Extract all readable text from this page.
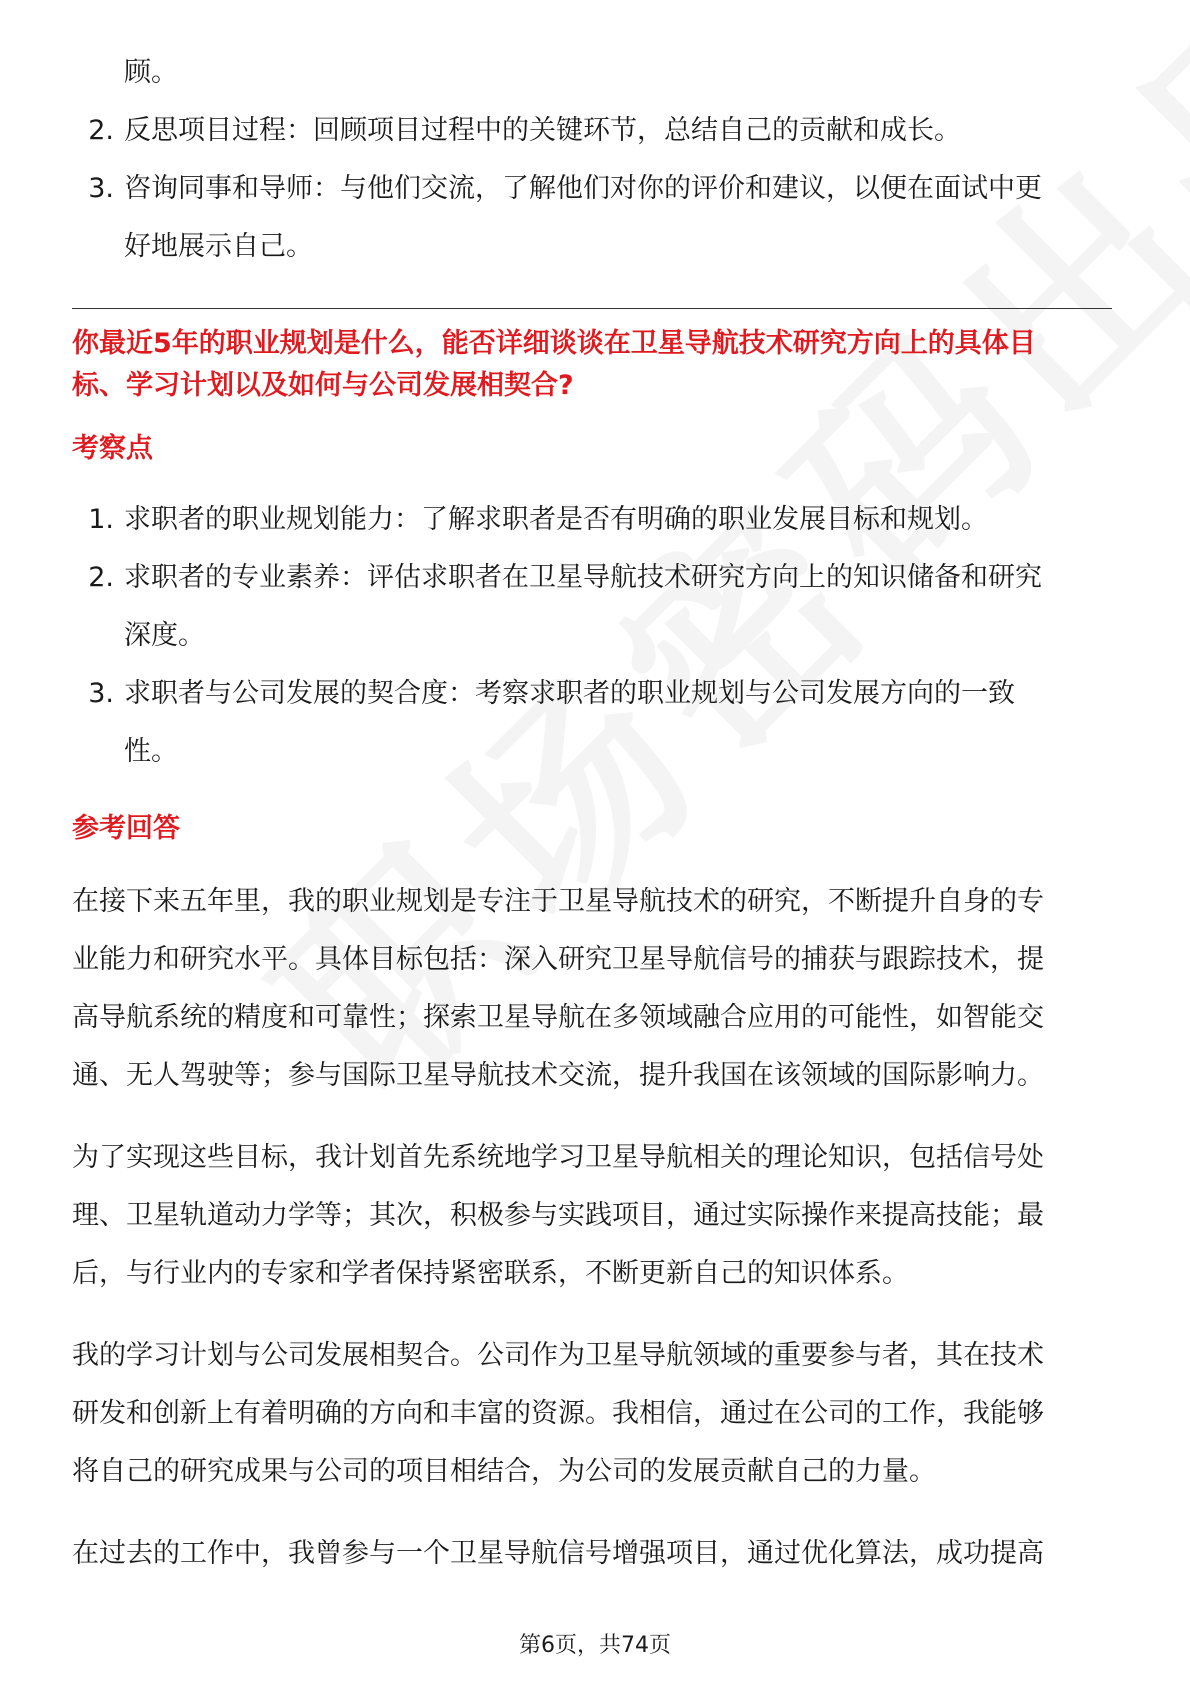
顾。
2. 反思项目过程：回顾项目过程中的关键环节，总结自己的贡献和成长。
3. 咨询同事和导师：与他们交流，了解他们对你的评价和建议，以便在面试中更
好地展示自己。
你最近5年的职业规划是什么，能否详细谈谈在卫星导航技术研究方向上的具体目
标、学习计划以及如何与公司发展相契合?
考察点
1. 求职者的职业规划能力：了解求职者是否有明确的职业发展目标和规划。
2. 求职者的专业素养：评估求职者在卫星导航技术研究方向上的知识储备和研究
深度。
3. 求职者与公司发展的契合度：考察求职者的职业规划与公司发展方向的一致
性。
参考回答
在接下来五年里，我的职业规划是专注于卫星导航技术的研究，不断提升自身的专
业能力和研究水平。具体目标包括：深入研究卫星导航信号的捕获与跟踪技术，提
高导航系统的精度和可靠性；探索卫星导航在多领域融合应用的可能性，如智能交
通、无人驾驶等；参与国际卫星导航技术交流，提升我国在该领域的国际影响力。
为了实现这些目标，我计划首先系统地学习卫星导航相关的理论知识，包括信号处
理、卫星轨道动力学等；其次，积极参与实践项目，通过实际操作来提高技能；最
后，与行业内的专家和学者保持紧密联系，不断更新自己的知识体系。
我的学习计划与公司发展相契合。公司作为卫星导航领域的重要参与者，其在技术
研发和创新上有着明确的方向和丰富的资源。我相信，通过在公司的工作，我能够
将自己的研究成果与公司的项目相结合，为公司的发展贡献自己的力量。
在过去的工作中，我曾参与一个卫星导航信号增强项目，通过优化算法，成功提高
第6页，共74页
